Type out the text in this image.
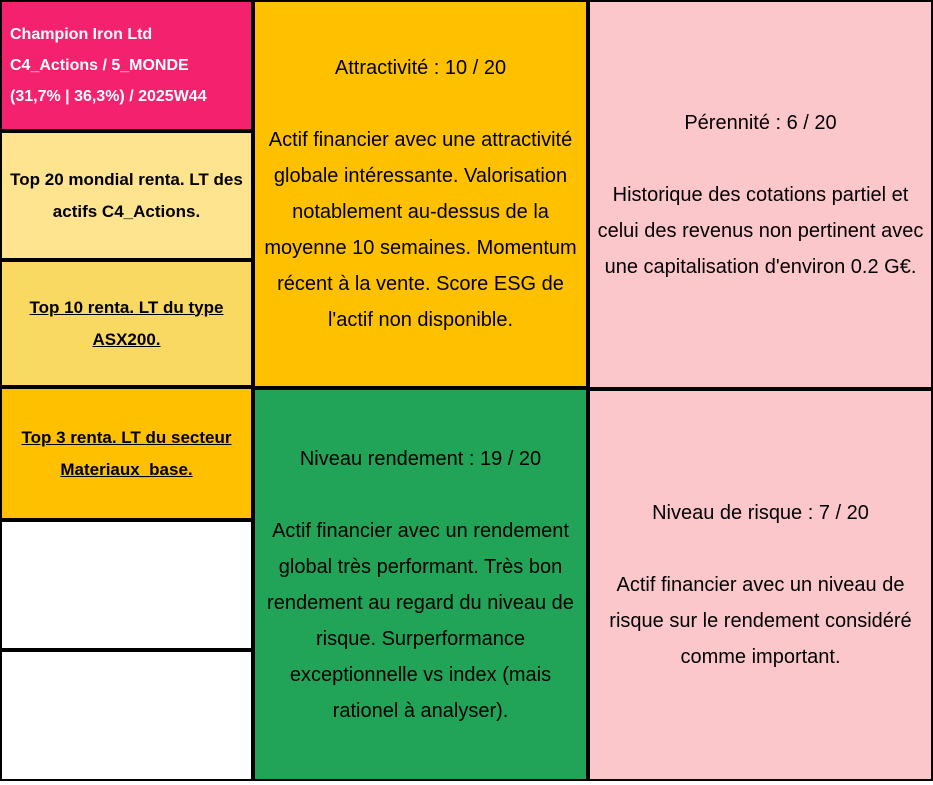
Champion Iron Ltd
C4_Actions / 5_MONDE
(31,7% | 36,3%) / 2025W44
Top 20 mondial renta. LT des actifs C4_Actions.
Top 10 renta. LT du type ASX200.
Top 3 renta. LT du secteur Materiaux_base.
Attractivité : 10 / 20
Actif financier avec une attractivité globale intéressante. Valorisation notablement au-dessus de la moyenne 10 semaines. Momentum récent à la vente. Score ESG de l'actif non disponible.
Niveau rendement : 19 / 20
Actif financier avec un rendement global très performant. Très bon rendement au regard du niveau de risque. Surperformance exceptionnelle vs index (mais rationel à analyser).
Pérennité : 6 / 20
Historique des cotations partiel et celui des revenus non pertinent avec une capitalisation d'environ 0.2 G€.
Niveau de risque : 7 / 20
Actif financier avec un niveau de risque sur le rendement considéré comme important.
